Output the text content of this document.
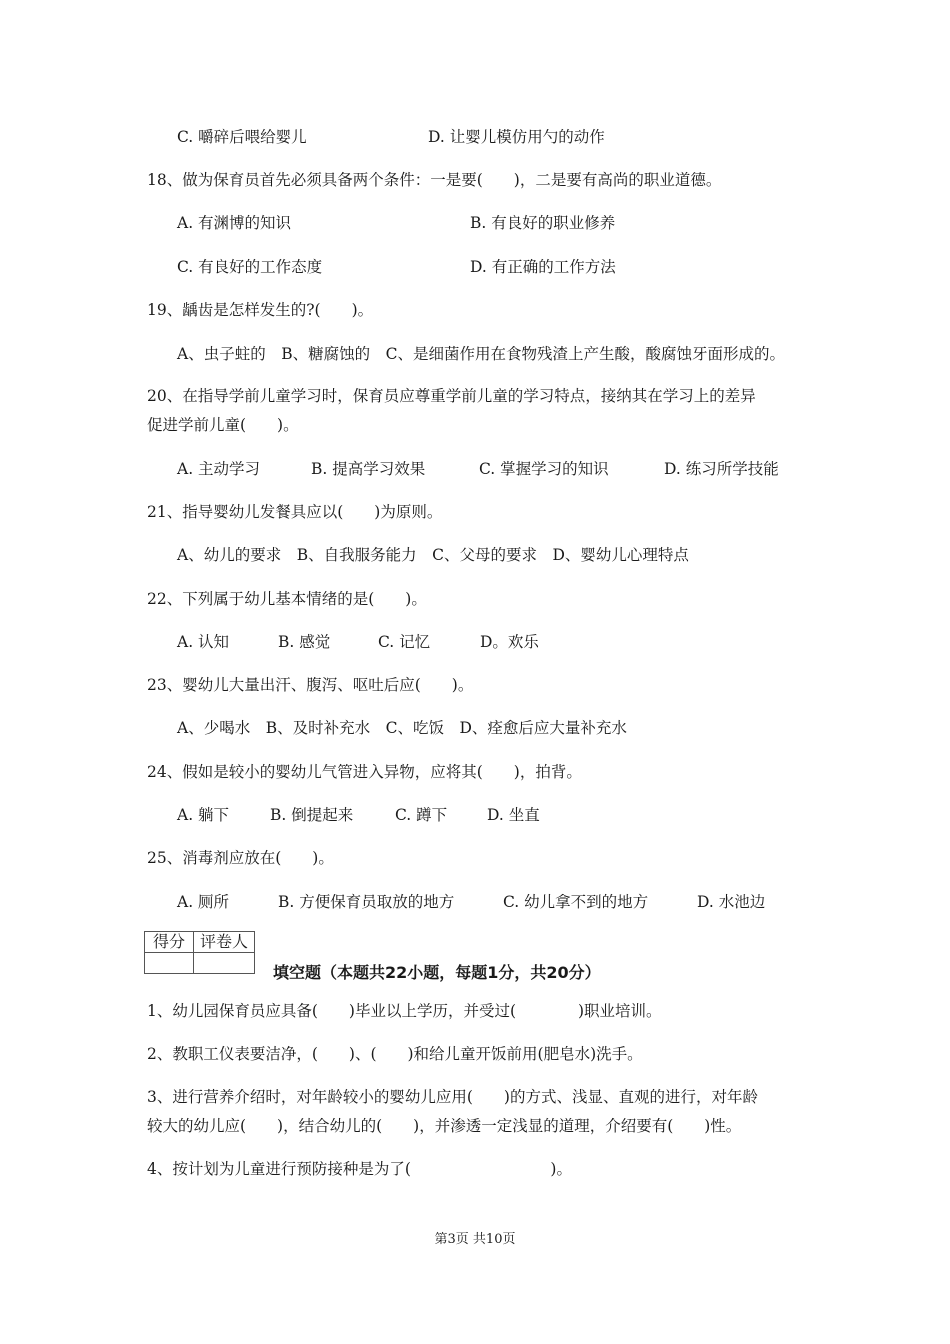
C. 嚼碎后喂给婴儿	D. 让婴儿模仿用勺的动作
18、做为保育员首先必须具备两个条件：一是要(　　)，二是要有高尚的职业道德。
A. 有渊博的知识	B. 有良好的职业修养
C. 有良好的工作态度	D. 有正确的工作方法
19、龋齿是怎样发生的?(　　)。
A、虫子蛀的　B、糖腐蚀的　C、是细菌作用在食物残渣上产生酸，酸腐蚀牙面形成的。
20、在指导学前儿童学习时，保育员应尊重学前儿童的学习特点，接纳其在学习上的差异
促进学前儿童(　　)。
A. 主动学习	B. 提高学习效果	C. 掌握学习的知识	D. 练习所学技能
21、指导婴幼儿发餐具应以(　　)为原则。
A、幼儿的要求　B、自我服务能力　C、父母的要求　D、婴幼儿心理特点
22、下列属于幼儿基本情绪的是(　　)。
A. 认知	B. 感觉	C. 记忆	D。欢乐
23、婴幼儿大量出汗、腹泻、呕吐后应(　　)。
A、少喝水　B、及时补充水　C、吃饭　D、痊愈后应大量补充水
24、假如是较小的婴幼儿气管进入异物，应将其(　　)，拍背。
A. 躺下	B. 倒提起来	C. 蹲下	D. 坐直
25、消毒剂应放在(　　)。
A. 厕所	B. 方便保育员取放的地方	C. 幼儿拿不到的地方	D. 水池边
得分	评卷人

填空题（本题共22小题，每题1分，共20分）
1、幼儿园保育员应具备(　　)毕业以上学历，并受过(　　　　)职业培训。
2、教职工仪表要洁净，(　　)、(　　)和给儿童开饭前用(肥皂水)洗手。
3、进行营养介绍时，对年龄较小的婴幼儿应用(　　)的方式、浅显、直观的进行，对年龄
较大的幼儿应(　　)，结合幼儿的(　　)，并渗透一定浅显的道理，介绍要有(　　)性。
4、按计划为儿童进行预防接种是为了(　　　　　　　　　)。
第3页 共10页
